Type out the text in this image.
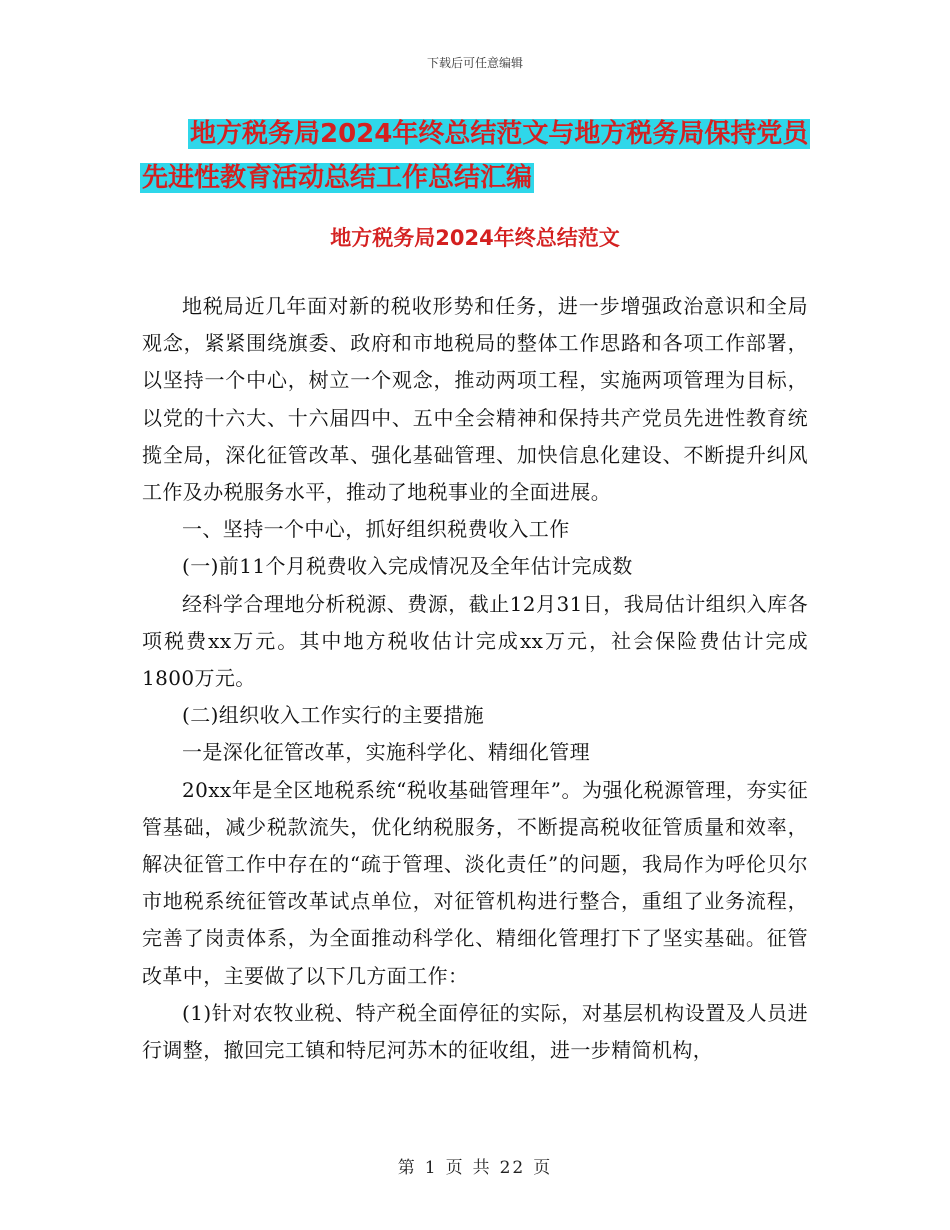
下载后可任意编辑
地方税务局2024年终总结范文与地方税务局保持党员
先进性教育活动总结工作总结汇编
地方税务局2024年终总结范文

地税局近几年面对新的税收形势和任务，进一步增强政治意识和全局观念，紧紧围绕旗委、政府和市地税局的整体工作思路和各项工作部署，以坚持一个中心，树立一个观念，推动两项工程，实施两项管理为目标，以党的十六大、十六届四中、五中全会精神和保持共产党员先进性教育统揽全局，深化征管改革、强化基础管理、加快信息化建设、不断提升纠风工作及办税服务水平，推动了地税事业的全面进展。

一、坚持一个中心，抓好组织税费收入工作

(一)前11个月税费收入完成情况及全年估计完成数

经科学合理地分析税源、费源，截止12月31日，我局估计组织入库各项税费xx万元。其中地方税收估计完成xx万元，社会保险费估计完成1800万元。

(二)组织收入工作实行的主要措施

一是深化征管改革，实施科学化、精细化管理

20xx年是全区地税系统“税收基础管理年”。为强化税源管理，夯实征管基础，减少税款流失，优化纳税服务，不断提高税收征管质量和效率，解决征管工作中存在的“疏于管理、淡化责任”的问题，我局作为呼伦贝尔市地税系统征管改革试点单位，对征管机构进行整合，重组了业务流程，完善了岗责体系，为全面推动科学化、精细化管理打下了坚实基础。征管改革中，主要做了以下几方面工作：

(1)针对农牧业税、特产税全面停征的实际，对基层机构设置及人员进行调整，撤回完工镇和特尼河苏木的征收组，进一步精简机构，

第 1 页 共 22 页
